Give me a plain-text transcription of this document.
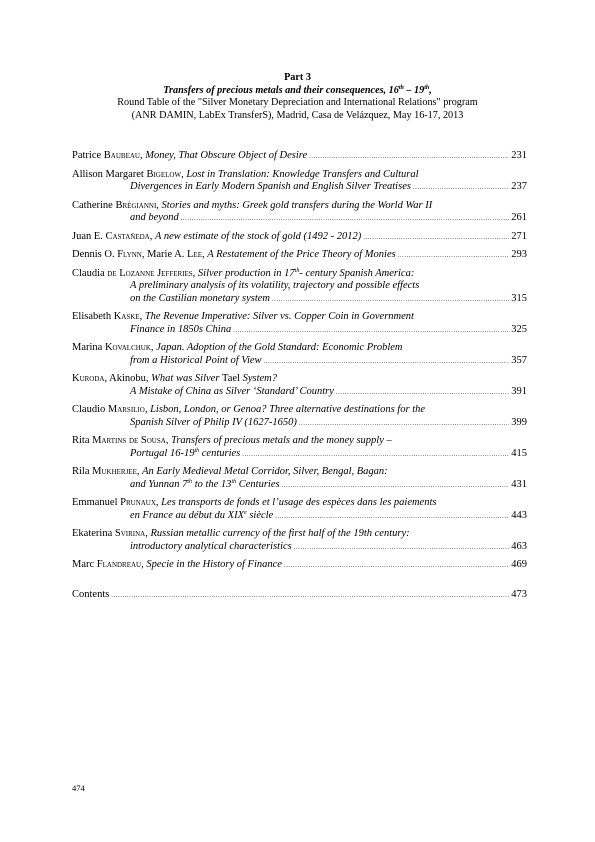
Part 3
Transfers of precious metals and their consequences, 16th – 19th,
Round Table of the "Silver Monetary Depreciation and International Relations" program
(ANR DAMIN, LabEx TransferS), Madrid, Casa de Velázquez, May 16-17, 2013
Patrice Baubeau, Money, That Obscure Object of Desire .....	231
Allison Margaret Bigelow, Lost in Translation: Knowledge Transfers and Cultural
Divergences in Early Modern Spanish and English Silver Treatises .....	237
Catherine Brégianni, Stories and myths: Greek gold transfers during the World War II
and beyond .....	261
Juan E. Castañeda, A new estimate of the stock of gold (1492 - 2012) .....	271
Dennis O. Flynn, Marie A. Lee, A Restatement of the Price Theory of Monies .....	293
Claudia de Lozanne Jefferies, Silver production in 17th- century Spanish America:
A preliminary analysis of its volatility, trajectory and possible effects
on the Castilian monetary system .....	315
Elisabeth Kaske, The Revenue Imperative: Silver vs. Copper Coin in Government
Finance in 1850s China .....	325
Marina Kovalchuk, Japan. Adoption of the Gold Standard: Economic Problem
from a Historical Point of View .....	357
Kuroda, Akinobu, What was Silver Tael System?
A Mistake of China as Silver ‘Standard’ Country .....	391
Claudio Marsilio, Lisbon, London, or Genoa? Three alternative destinations for the
Spanish Silver of Philip IV (1627-1650) .....	399
Rita Martins de Sousa, Transfers of precious metals and the money supply –
Portugal 16-19th centuries .....	415
Rila Mukherjee, An Early Medieval Metal Corridor, Silver, Bengal, Bagan:
and Yunnan 7th to the 13th Centuries .....	431
Emmanuel Prunaux, Les transports de fonds et l’usage des espèces dans les paiements
en France au début du XIXe siècle .....	443
Ekaterina Svirina, Russian metallic currency of the first half of the 19th century:
introductory analytical characteristics .....	463
Marc Flandreau, Specie in the History of Finance .....	469
Contents .....	473
474
